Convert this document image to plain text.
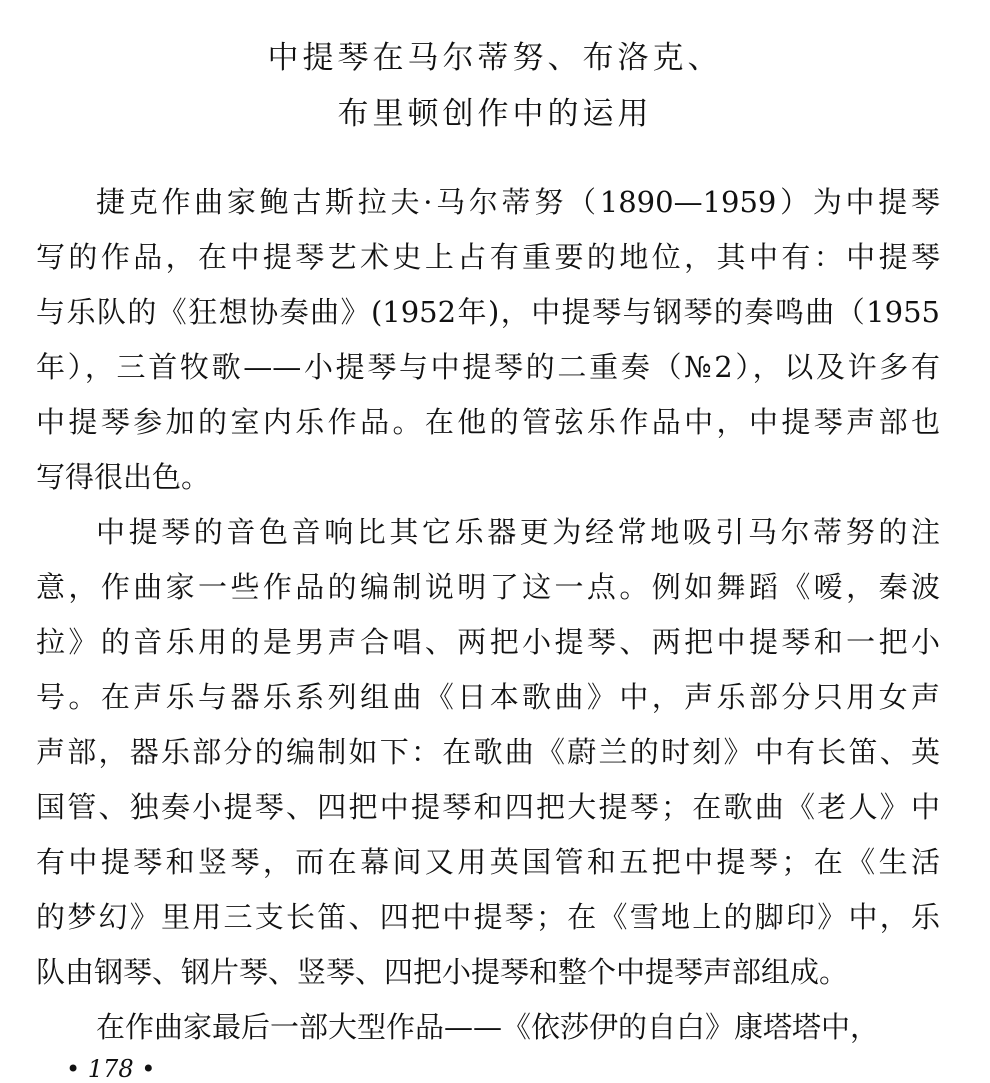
中提琴在马尔蒂努、布洛克、
布里顿创作中的运用
捷克作曲家鲍古斯拉夫·马尔蒂努（1890—1959）为中提琴
写的作品，在中提琴艺术史上占有重要的地位，其中有：中提琴
与乐队的《狂想协奏曲》(1952年)，中提琴与钢琴的奏鸣曲（1955
年），三首牧歌——小提琴与中提琴的二重奏（№2），以及许多有
中提琴参加的室内乐作品。在他的管弦乐作品中，中提琴声部也
写得很出色。
中提琴的音色音响比其它乐器更为经常地吸引马尔蒂努的注
意，作曲家一些作品的编制说明了这一点。例如舞蹈《嗳，秦波
拉》的音乐用的是男声合唱、两把小提琴、两把中提琴和一把小
号。在声乐与器乐系列组曲《日本歌曲》中，声乐部分只用女声
声部，器乐部分的编制如下：在歌曲《蔚兰的时刻》中有长笛、英
国管、独奏小提琴、四把中提琴和四把大提琴；在歌曲《老人》中
有中提琴和竖琴，而在幕间又用英国管和五把中提琴；在《生活
的梦幻》里用三支长笛、四把中提琴；在《雪地上的脚印》中，乐
队由钢琴、钢片琴、竖琴、四把小提琴和整个中提琴声部组成。
• 178 •
在作曲家最后一部大型作品——《依莎伊的自白》康塔塔中，
